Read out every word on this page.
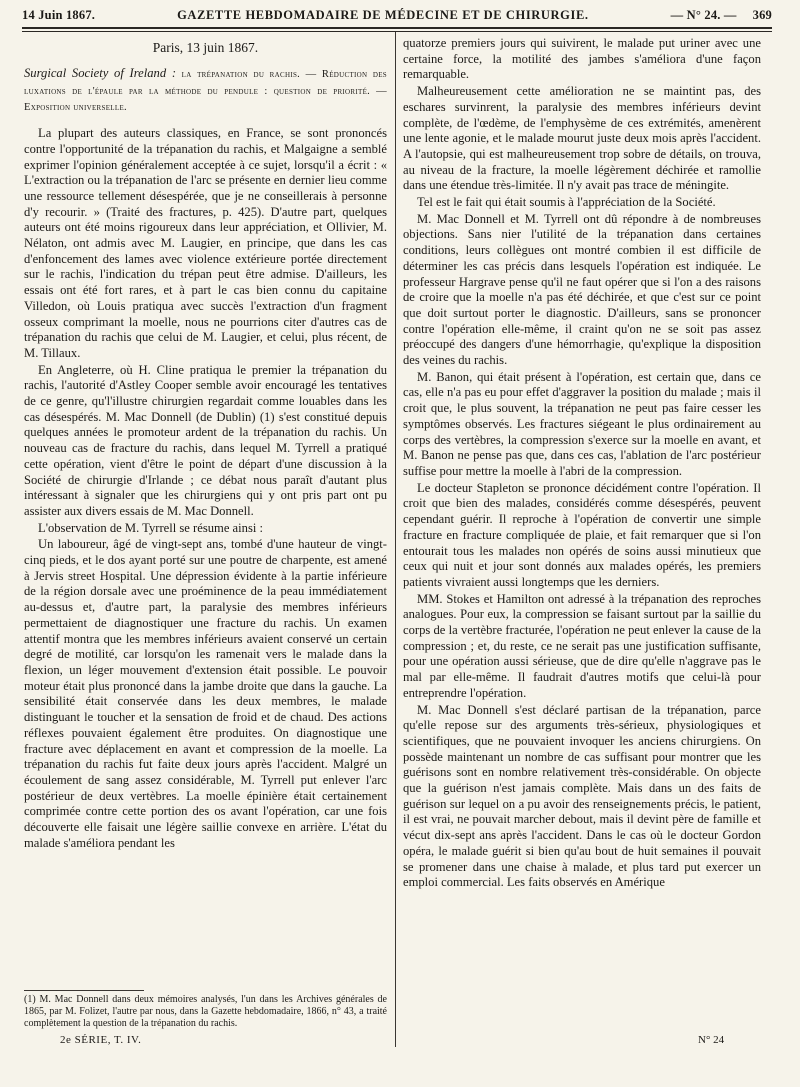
14 Juin 1867.	GAZETTE HEBDOMADAIRE DE MÉDECINE ET DE CHIRURGIE.	— N° 24. — 369

Paris, 13 juin 1867.

Surgical Society of Ireland : la trépanation du rachis. — Réduction des luxations de l'épaule par la méthode du pendule : question de priorité. — Exposition universelle.

La plupart des auteurs classiques, en France, se sont prononcés contre l'opportunité de la trépanation du rachis, et Malgaigne a semblé exprimer l'opinion généralement acceptée à ce sujet, lorsqu'il a écrit : « L'extraction ou la trépanation de l'arc se présente en dernier lieu comme une ressource tellement désespérée, que je ne conseillerais à personne d'y recourir. » (Traité des fractures, p. 425). D'autre part, quelques auteurs ont été moins rigoureux dans leur appréciation, et Ollivier, M. Nélaton, ont admis avec M. Laugier, en principe, que dans les cas d'enfoncement des lames avec violence extérieure portée directement sur le rachis, l'indication du trépan peut être admise. D'ailleurs, les essais ont été fort rares, et à part le cas bien connu du capitaine Villedon, où Louis pratiqua avec succès l'extraction d'un fragment osseux comprimant la moelle, nous ne pourrions citer d'autres cas de trépanation du rachis que celui de M. Laugier, et celui, plus récent, de M. Tillaux.

En Angleterre, où H. Cline pratiqua le premier la trépanation du rachis, l'autorité d'Astley Cooper semble avoir encouragé les tentatives de ce genre, qu'l'illustre chirurgien regardait comme louables dans les cas désespérés. M. Mac Donnell (de Dublin) (1) s'est constitué depuis quelques années le promoteur ardent de la trépanation du rachis. Un nouveau cas de fracture du rachis, dans lequel M. Tyrrell a pratiqué cette opération, vient d'être le point de départ d'une discussion à la Société de chirurgie d'Irlande ; ce débat nous paraît d'autant plus intéressant à signaler que les chirurgiens qui y ont pris part ont pu assister aux divers essais de M. Mac Donnell.

L'observation de M. Tyrrell se résume ainsi :

Un laboureur, âgé de vingt-sept ans, tombé d'une hauteur de vingt-cinq pieds, et le dos ayant porté sur une poutre de charpente, est amené à Jervis street Hospital. Une dépression évidente à la partie inférieure de la région dorsale avec une proéminence de la peau immédiatement au-dessus et, d'autre part, la paralysie des membres inférieurs permettaient de diagnostiquer une fracture du rachis. Un examen attentif montra que les membres inférieurs avaient conservé un certain degré de motilité, car lorsqu'on les ramenait vers le malade dans la flexion, un léger mouvement d'extension était possible. Le pouvoir moteur était plus prononcé dans la jambe droite que dans la gauche. La sensibilité était conservée dans les deux membres, le malade distinguant le toucher et la sensation de froid et de chaud. Des actions réflexes pouvaient également être produites. On diagnostique une fracture avec déplacement en avant et compression de la moelle. La trépanation du rachis fut faite deux jours après l'accident. Malgré un écoulement de sang assez considérable, M. Tyrrell put enlever l'arc postérieur de deux vertèbres. La moelle épinière était certainement comprimée contre cette portion des os avant l'opération, car une fois découverte elle faisait une légère saillie convexe en arrière. L'état du malade s'améliora pendant les

quatorze premiers jours qui suivirent, le malade put uriner avec une certaine force, la motilité des jambes s'améliora d'une façon remarquable.

Malheureusement cette amélioration ne se maintint pas, des eschares survinrent, la paralysie des membres inférieurs devint complète, de l'œdème, de l'emphysème de ces extrémités, amenèrent une lente agonie, et le malade mourut juste deux mois après l'accident. A l'autopsie, qui est malheureusement trop sobre de détails, on trouva, au niveau de la fracture, la moelle légèrement déchirée et ramollie dans une étendue très-limitée. Il n'y avait pas trace de méningite.

Tel est le fait qui était soumis à l'appréciation de la Société.

M. Mac Donnell et M. Tyrrell ont dû répondre à de nombreuses objections. Sans nier l'utilité de la trépanation dans certaines conditions, leurs collègues ont montré combien il est difficile de déterminer les cas précis dans lesquels l'opération est indiquée. Le professeur Hargrave pense qu'il ne faut opérer que si l'on a des raisons de croire que la moelle n'a pas été déchirée, et que c'est sur ce point que doit surtout porter le diagnostic. D'ailleurs, sans se prononcer contre l'opération elle-même, il craint qu'on ne se soit pas assez préoccupé des dangers d'une hémorrhagie, qu'explique la disposition des veines du rachis.

M. Banon, qui était présent à l'opération, est certain que, dans ce cas, elle n'a pas eu pour effet d'aggraver la position du malade ; mais il croit que, le plus souvent, la trépanation ne peut pas faire cesser les symptômes observés. Les fractures siégeant le plus ordinairement au corps des vertèbres, la compression s'exerce sur la moelle en avant, et M. Banon ne pense pas que, dans ces cas, l'ablation de l'arc postérieur suffise pour mettre la moelle à l'abri de la compression.

Le docteur Stapleton se prononce décidément contre l'opération. Il croit que bien des malades, considérés comme désespérés, peuvent cependant guérir. Il reproche à l'opération de convertir une simple fracture en fracture compliquée de plaie, et fait remarquer que si l'on entourait tous les malades non opérés de soins aussi minutieux que ceux qui nuit et jour sont donnés aux malades opérés, les premiers patients vivraient aussi longtemps que les derniers.

MM. Stokes et Hamilton ont adressé à la trépanation des reproches analogues. Pour eux, la compression se faisant surtout par la saillie du corps de la vertèbre fracturée, l'opération ne peut enlever la cause de la compression ; et, du reste, ce ne serait pas une justification suffisante, pour une opération aussi sérieuse, que de dire qu'elle n'aggrave pas le mal par elle-même. Il faudrait d'autres motifs que celui-là pour entreprendre l'opération.

M. Mac Donnell s'est déclaré partisan de la trépanation, parce qu'elle repose sur des arguments très-sérieux, physiologiques et scientifiques, que ne pouvaient invoquer les anciens chirurgiens. On possède maintenant un nombre de cas suffisant pour montrer que les guérisons sont en nombre relativement très-considérable. On objecte que la guérison n'est jamais complète. Mais dans un des faits de guérison sur lequel on a pu avoir des renseignements précis, le patient, il est vrai, ne pouvait marcher debout, mais il devint père de famille et vécut dix-sept ans après l'accident. Dans le cas où le docteur Gordon opéra, le malade guérit si bien qu'au bout de huit semaines il pouvait se promener dans une chaise à malade, et plus tard put exercer un emploi commercial. Les faits observés en Amérique

(1) M. Mac Donnell dans deux mémoires analysés, l'un dans les Archives générales de 1865, par M. Folizet, l'autre par nous, dans la Gazette hebdomadaire, 1866, n° 43, a traité complètement la question de la trépanation du rachis.
2e SÉRIE, T. IV.	N° 24
